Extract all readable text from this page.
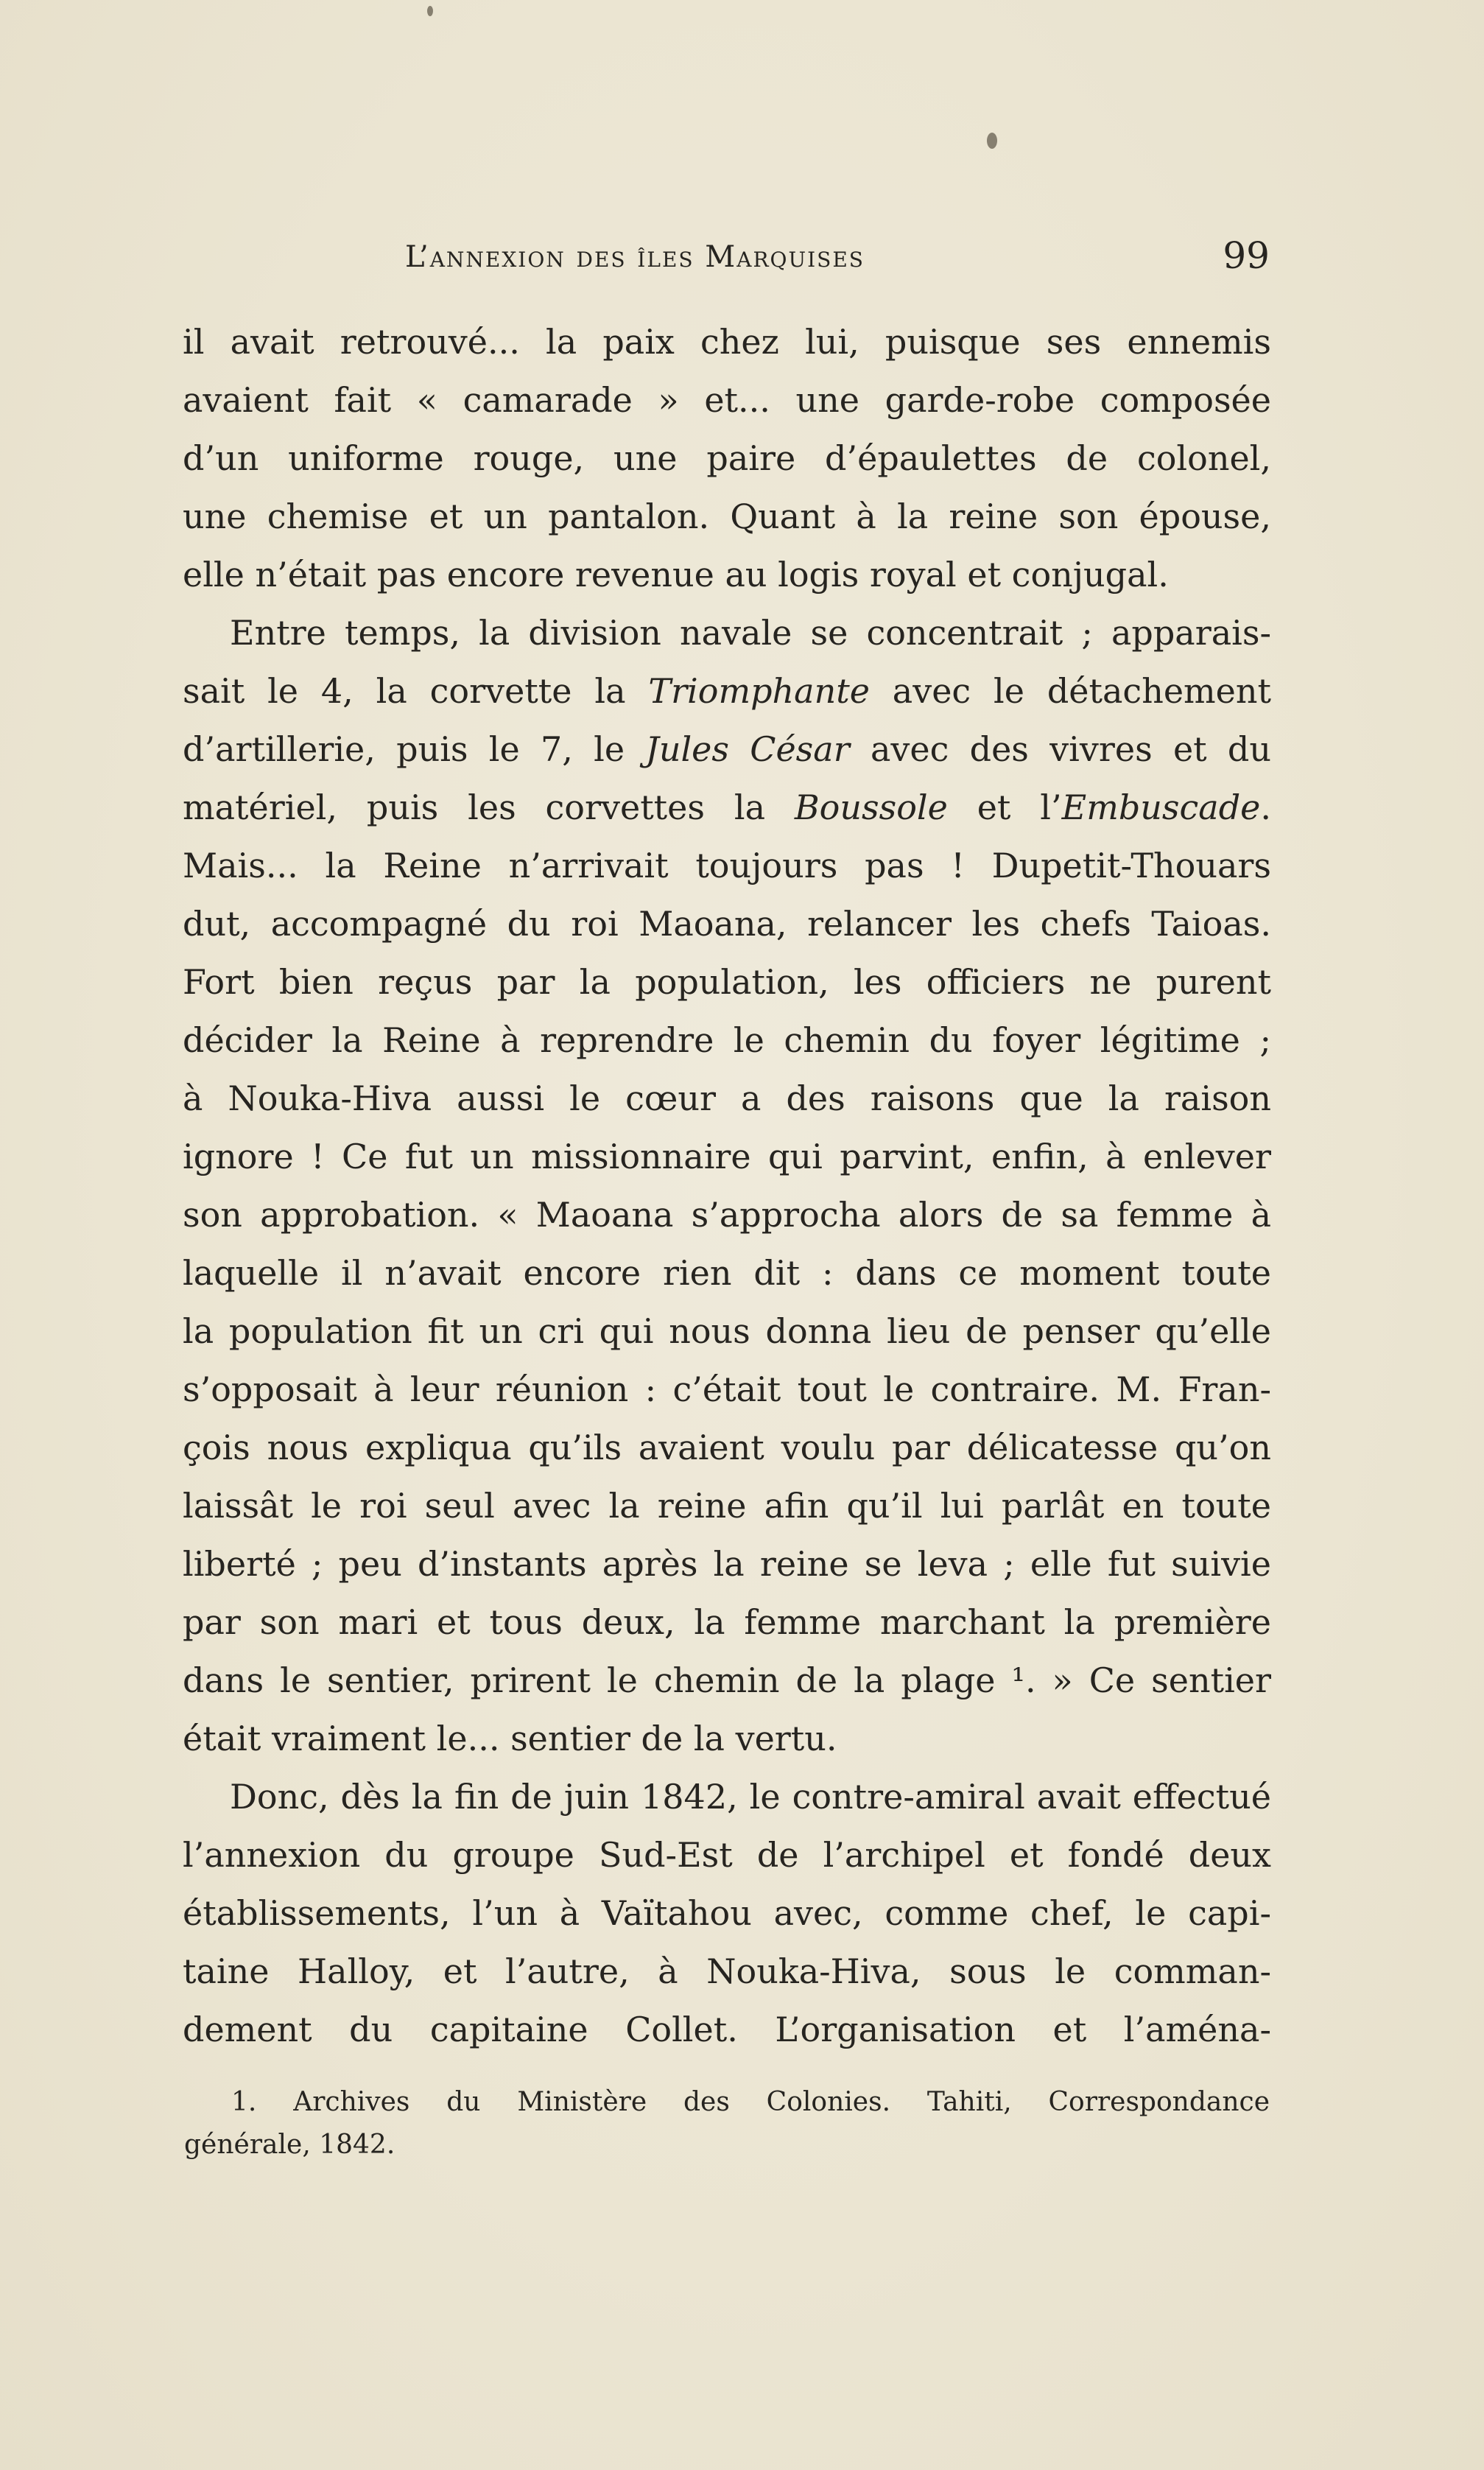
L’annexion des îles Marquises	99
il avait retrouvé... la paix chez lui, puisque ses ennemis
avaient fait « camarade » et... une garde-robe composée
d’un uniforme rouge, une paire d’épaulettes de colonel,
une chemise et un pantalon. Quant à la reine son épouse,
elle n’était pas encore revenue au logis royal et conjugal.
Entre temps, la division navale se concentrait ; apparais-
sait le 4, la corvette la Triomphante avec le détachement
d’artillerie, puis le 7, le Jules César avec des vivres et du
matériel, puis les corvettes la Boussole et l’Embuscade.
Mais... la Reine n’arrivait toujours pas ! Dupetit-Thouars
dut, accompagné du roi Maoana, relancer les chefs Taioas.
Fort bien reçus par la population, les officiers ne purent
décider la Reine à reprendre le chemin du foyer légitime ;
à Nouka-Hiva aussi le cœur a des raisons que la raison
ignore ! Ce fut un missionnaire qui parvint, enfin, à enlever
son approbation. « Maoana s’approcha alors de sa femme à
laquelle il n’avait encore rien dit : dans ce moment toute
la population fit un cri qui nous donna lieu de penser qu’elle
s’opposait à leur réunion : c’était tout le contraire. M. Fran-
çois nous expliqua qu’ils avaient voulu par délicatesse qu’on
laissât le roi seul avec la reine afin qu’il lui parlât en toute
liberté ; peu d’instants après la reine se leva ; elle fut suivie
par son mari et tous deux, la femme marchant la première
dans le sentier, prirent le chemin de la plage ¹. » Ce sentier
était vraiment le... sentier de la vertu.
Donc, dès la fin de juin 1842, le contre-amiral avait effectué
l’annexion du groupe Sud-Est de l’archipel et fondé deux
établissements, l’un à Vaïtahou avec, comme chef, le capi-
taine Halloy, et l’autre, à Nouka-Hiva, sous le comman-
dement du capitaine Collet. L’organisation et l’aména-
1. Archives du Ministère des Colonies. Tahiti, Correspondance
générale, 1842.
